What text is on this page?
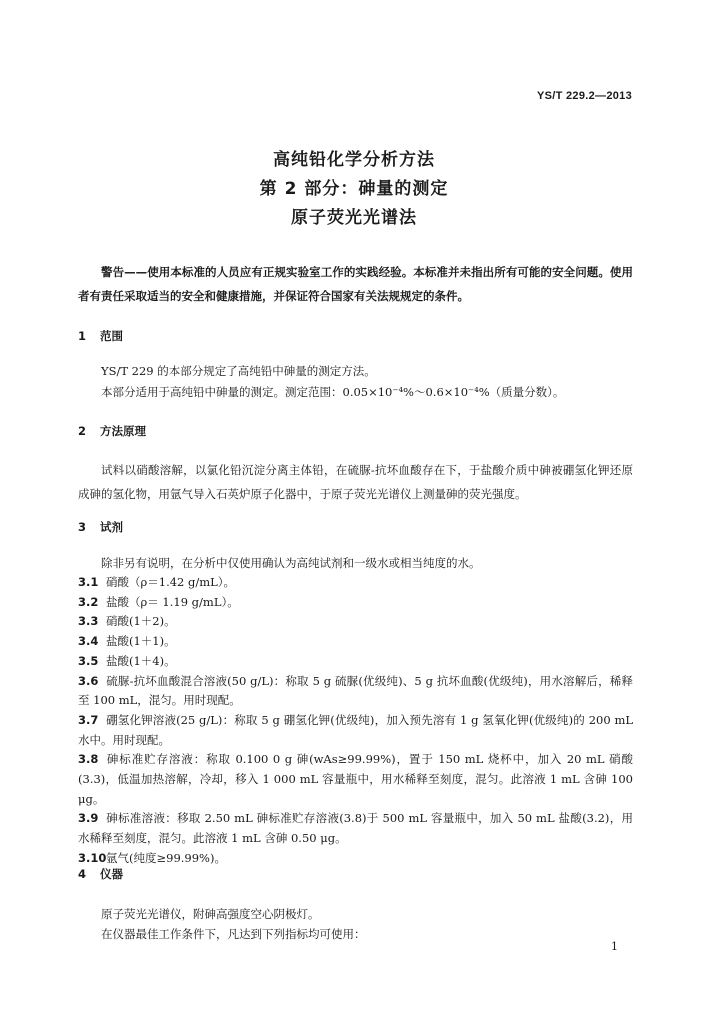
YS/T 229.2—2013
高纯铅化学分析方法
第 2 部分：砷量的测定
原子荧光光谱法
警告——使用本标准的人员应有正规实验室工作的实践经验。本标准并未指出所有可能的安全问题。使用者有责任采取适当的安全和健康措施，并保证符合国家有关法规规定的条件。
1 范围
YS/T 229 的本部分规定了高纯铅中砷量的测定方法。
本部分适用于高纯铅中砷量的测定。测定范围：0.05×10⁻⁴%～0.6×10⁻⁴%（质量分数）。
2 方法原理
试料以硝酸溶解，以氯化铅沉淀分离主体铅，在硫脲-抗坏血酸存在下，于盐酸介质中砷被硼氢化钾还原成砷的氢化物，用氩气导入石英炉原子化器中，于原子荧光光谱仪上测量砷的荧光强度。
3 试剂
除非另有说明，在分析中仅使用确认为高纯试剂和一级水或相当纯度的水。
3.1 硝酸（ρ＝1.42 g/mL）。
3.2 盐酸（ρ＝ 1.19 g/mL）。
3.3 硝酸(1＋2)。
3.4 盐酸(1＋1)。
3.5 盐酸(1＋4)。
3.6 硫脲-抗坏血酸混合溶液(50 g/L)：称取 5 g 硫脲(优级纯)、5 g 抗坏血酸(优级纯)，用水溶解后，稀释至 100 mL，混匀。用时现配。
3.7 硼氢化钾溶液(25 g/L)：称取 5 g 硼氢化钾(优级纯)，加入预先溶有 1 g 氢氧化钾(优级纯)的 200 mL水中。用时现配。
3.8 砷标准贮存溶液：称取 0.100 0 g 砷(wAs≥99.99%)，置于 150 mL 烧杯中，加入 20 mL 硝酸(3.3)，低温加热溶解，冷却，移入 1 000 mL 容量瓶中，用水稀释至刻度，混匀。此溶液 1 mL 含砷 100 μg。
3.9 砷标准溶液：移取 2.50 mL 砷标准贮存溶液(3.8)于 500 mL 容量瓶中，加入 50 mL 盐酸(3.2)，用水稀释至刻度，混匀。此溶液 1 mL 含砷 0.50 μg。
3.10氩气(纯度≥99.99%)。
4 仪器
原子荧光光谱仪，附砷高强度空心阴极灯。
在仪器最佳工作条件下，凡达到下列指标均可使用：
1
